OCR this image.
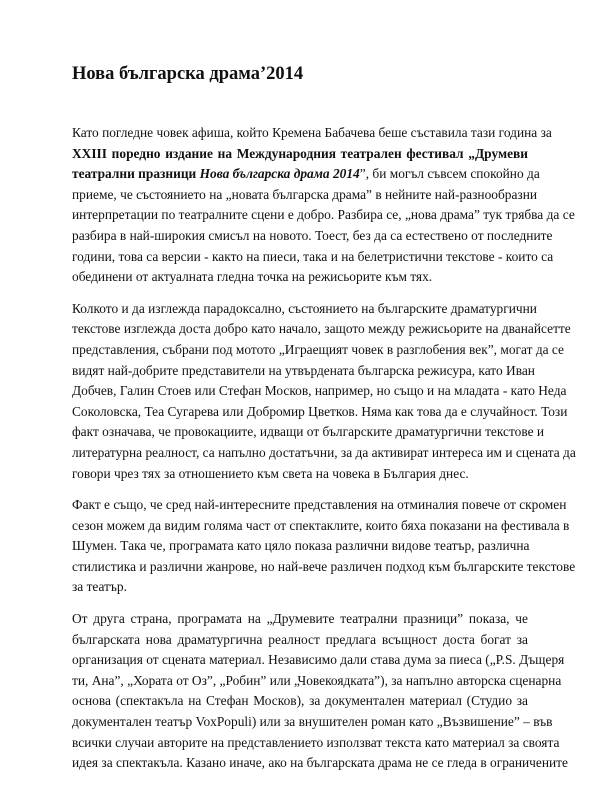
Нова българска драма’2014

Като погледне човек афиша, който Кремена Бабачева беше съставила тази година за
XXIII поредно издание на Международния театрален фестивал „Друмеви
театрални празници Нова българска драма 2014”, би могъл съвсем спокойно да
приеме, че състоянието на „новата българска драма” в нейните най-разнообразни
интерпретации по театралните сцени е добро. Разбира се, „нова драма” тук трябва да се
разбира в най-широкия смисъл на новото. Тоест, без да са естествено от последните
години, това са версии - както на пиеси, така и на белетристични текстове - които са
обединени от актуалната гледна точка на режисьорите към тях.

Колкото и да изглежда парадоксално, състоянието на българските драматургични
текстове изглежда доста добро като начало, защото между режисьорите на дванайсетте
представления, събрани под мотото „Играещият човек в разглобения век”, могат да се
видят най-добрите представители на утвърдената българска режисура, като Иван
Добчев, Галин Стоев или Стефан Москов, например, но също и на младата - като Неда
Соколовска, Теа Сугарева или Добромир Цветков. Няма как това да е случайност. Този
факт означава, че провокациите, идващи от българските драматургични текстове и
литературна реалност, са напълно достатъчни, за да активират интереса им и сцената да
говори чрез тях за отношението към света на човека в България днес.

Факт е също, че сред най-интересните представления на отминалия повече от скромен
сезон можем да видим голяма част от спектаклите, които бяха показани на фестивала в
Шумен. Така че, програмата като цяло показа различни видове театър, различна
стилистика и различни жанрове, но най-вече различен подход към българските текстове
за театър.

От друга страна, програмата на „Друмевите театрални празници” показа, че
българската нова драматургична реалност предлага всъщност доста богат за
организация от сцената материал. Независимо дали става дума за пиеса („P.S. Дъщеря
ти, Ана”, „Хората от Оз”, „Робин” или „Човекоядката”), за напълно авторска сценарна
основа (спектакъла на Стефан Москов), за документален материал (Студио за
документален театър VoxPopuli) или за внушителен роман като „Възвишение” – във
всички случаи авторите на представлението използват текста като материал за своята
идея за спектакъла. Казано иначе, ако на българската драма не се гледа в ограничените
